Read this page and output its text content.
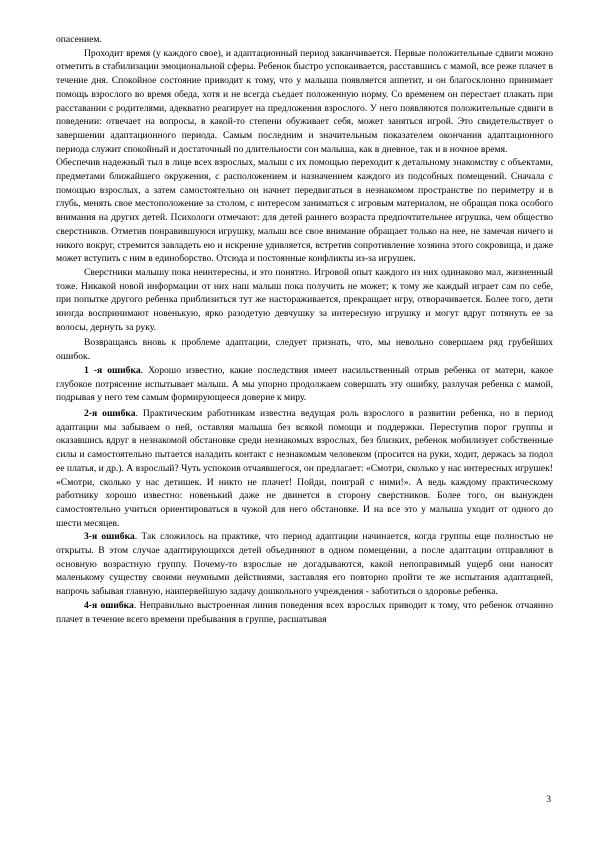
опасением.

Проходит время (у каждого свое), и адаптационный период заканчивается. Первые положительные сдвиги можно отметить в стабилизации эмоциональной сферы. Ребенок быстро успокаивается, расставшись с мамой, все реже плачет в течение дня. Спокойное состояние приводит к тому, что у малыша появляется аппетит, и он благосклонно принимает помощь взрослого во время обеда, хотя и не всегда съедает положенную норму. Со временем он перестает плакать при расставании с родителями, адекватно реагирует на предложения взрослого. У него появляются положительные сдвиги в поведении: отвечает на вопросы, в какой-то степени обуживает себя, может заняться игрой. Это свидетельствует о завершении адаптационного периода. Самым последним и значительным показателем окончания адаптационного периода служит спокойный и достаточный по длительности сон малыша, как в дневное, так и в ночное время.

Обеспечив надежный тыл в лице всех взрослых, малыш с их помощью переходит к детальному знакомству с объектами, предметами ближайшего окружения, с расположением и назначением каждого из подсобных помещений. Сначала с помощью взрослых, а затем самостоятельно он начнет передвигаться в незнакомом пространстве по периметру и в глубь, менять свое местоположение за столом, с интересом заниматься с игровым материалом, не обращая пока особого внимания на других детей. Психологи отмечают: для детей раннего возраста предпочтительнее игрушка, чем общество сверстников. Отметив понравившуюся игрушку, малыш все свое внимание обращает только на нее, не замечая ничего и никого вокруг, стремится завладеть ею и искренне удивляется, встретив сопротивление хозяина этого сокровища, и даже может вступить с ним в единоборство. Отсюда и постоянные конфликты из-за игрушек.

Сверстники малышу пока неинтересны, и это понятно. Игровой опыт каждого из них одинаково мал, жизненный тоже. Никакой новой информации от них наш малыш пока получить не может; к тому же каждый играет сам по себе, при попытке другого ребенка приблизиться тут же настораживается, прекращает игру, отворачивается. Более того, дети иногда воспринимают новенькую, ярко разодетую девчушку за интересную игрушку и могут вдруг потянуть ее за волосы, дернуть за руку.

Возвращаясь вновь к проблеме адаптации, следует признать, что, мы невольно совершаем ряд грубейших ошибок.

1 -я ошибка. Хорошо известно, какие последствия имеет насильственный отрыв ребенка от матери, какое глубокое потрясение испытывает малыш. А мы упорно продолжаем совершать эту ошибку, разлучая ребенка с мамой, подрывая у него тем самым формирующееся доверие к миру.

2-я ошибка. Практическим работникам известна ведущая роль взрослого в развитии ребенка, но в период адаптации мы забываем о ней, оставляя малыша без всякой помощи и поддержки. Переступив порог группы и оказавшись вдруг в незнакомой обстановке среди незнакомых взрослых, без близких, ребенок мобилизует собственные силы и самостоятельно пытается наладить контакт с незнакомым человеком (просится на руки, ходит, держась за подол ее платья, и др.). А взрослый? Чуть успокоив отчаявшегося, он предлагает: «Смотри, сколько у нас интересных игрушек! «Смотри, сколько у нас детишек. И никто не плачет! Пойди, поиграй с ними!». А ведь каждому практическому работнику хорошо известно: новенький даже не двинется в сторону сверстников. Более того, он вынужден самостоятельно учиться ориентироваться в чужой для него обстановке. И на все это у малыша уходит от одного до шести месяцев.

3-я ошибка. Так сложилось на практике, что период адаптации начинается, когда группы еще полностью не открыты. В этом случае адаптирующихся детей объединяют в одном помещении, а после адаптации отправляют в основную возрастную группу. Почему-то взрослые не догадываются, какой непоправимый ущерб они наносят маленькому существу своими неумными действиями, заставляя его повторно пройти те же испытания адаптацией, напрочь забывая главную, наипервейшую задачу дошкольного учреждения - заботиться о здоровье ребенка.

4-я ошибка. Неправильно выстроенная линия поведения всех взрослых приводит к тому, что ребенок отчаянно плачет в течение всего времени пребывания в группе, расшатывая

3
